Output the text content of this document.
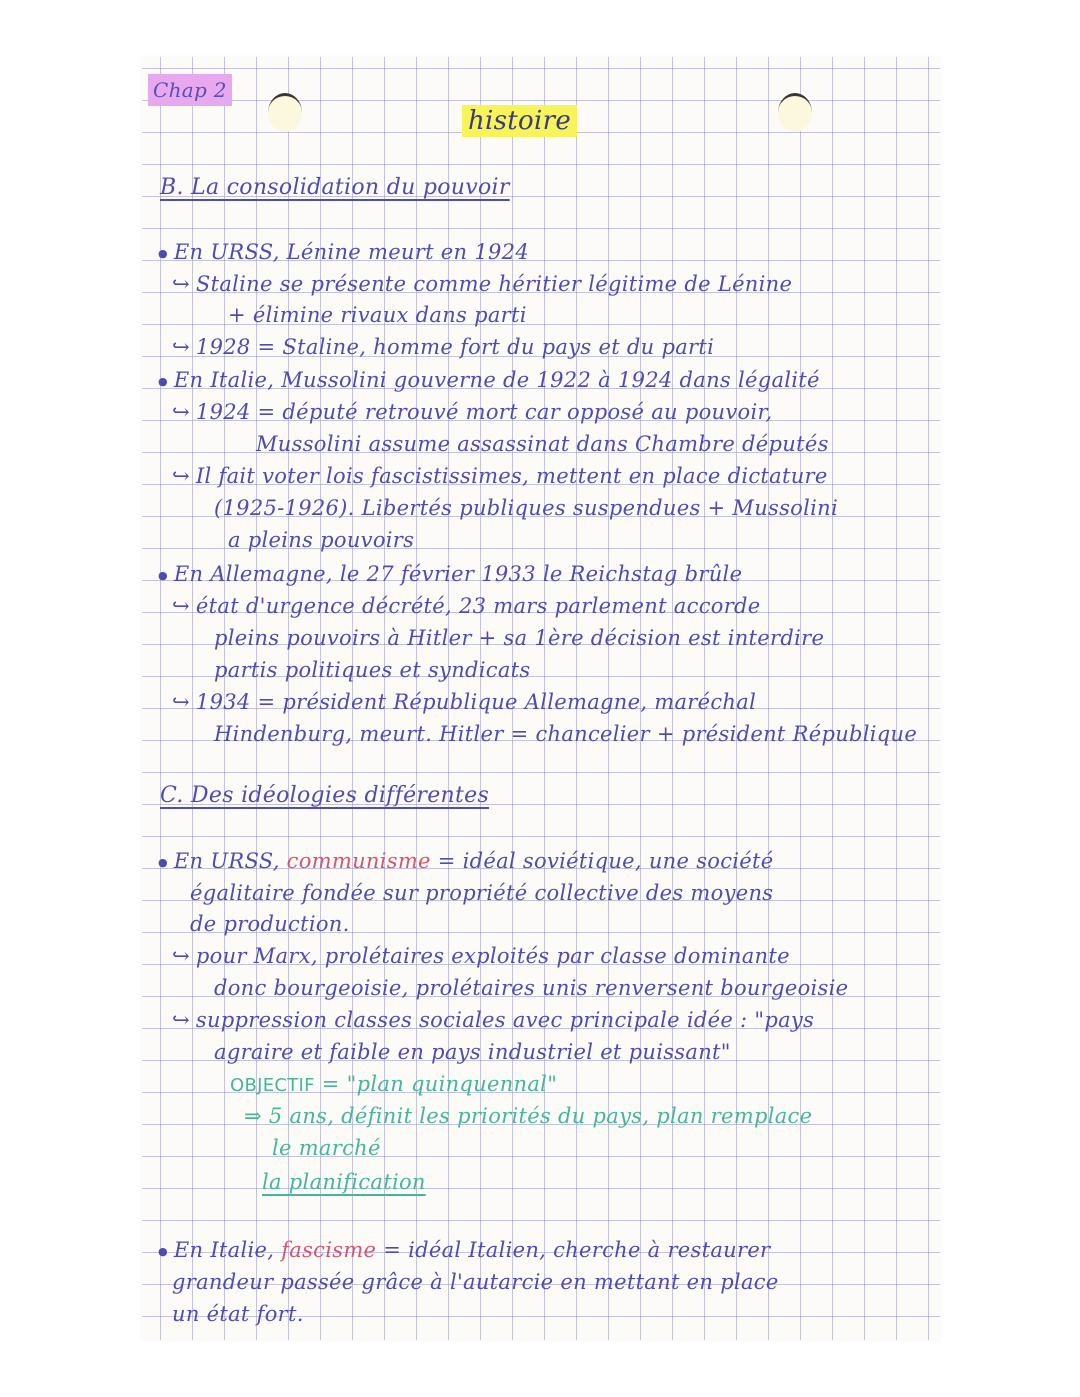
Chap 2
histoire
B. La consolidation du pouvoir
● En URSS, Lénine meurt en 1924
↪ Staline se présente comme héritier légitime de Lénine
+ élimine rivaux dans parti
↪ 1928 = Staline, homme fort du pays et du parti
● En Italie, Mussolini gouverne de 1922 à 1924 dans légalité
↪ 1924 = député retrouvé mort car opposé au pouvoir,
Mussolini assume assassinat dans Chambre députés
↪ Il fait voter lois fascistissimes, mettent en place dictature
(1925-1926). Libertés publiques suspendues + Mussolini
a pleins pouvoirs
● En Allemagne, le 27 février 1933 le Reichstag brûle
↪ état d'urgence décrété, 23 mars parlement accorde
pleins pouvoirs à Hitler + sa 1ère décision est interdire
partis politiques et syndicats
↪ 1934 = président République Allemagne, maréchal
Hindenburg, meurt. Hitler = chancelier + président République
C. Des idéologies différentes
● En URSS, communisme = idéal soviétique, une société
égalitaire fondée sur propriété collective des moyens
de production.
↪ pour Marx, prolétaires exploités par classe dominante
donc bourgeoisie, prolétaires unis renversent bourgeoisie
↪ suppression classes sociales avec principale idée : "pays
agraire et faible en pays industriel et puissant"
OBJECTIF = "plan quinquennal"
⇒ 5 ans, définit les priorités du pays, plan remplace
le marché
la planification
● En Italie, fascisme = idéal Italien, cherche à restaurer
grandeur passée grâce à l'autarcie en mettant en place
un état fort.
